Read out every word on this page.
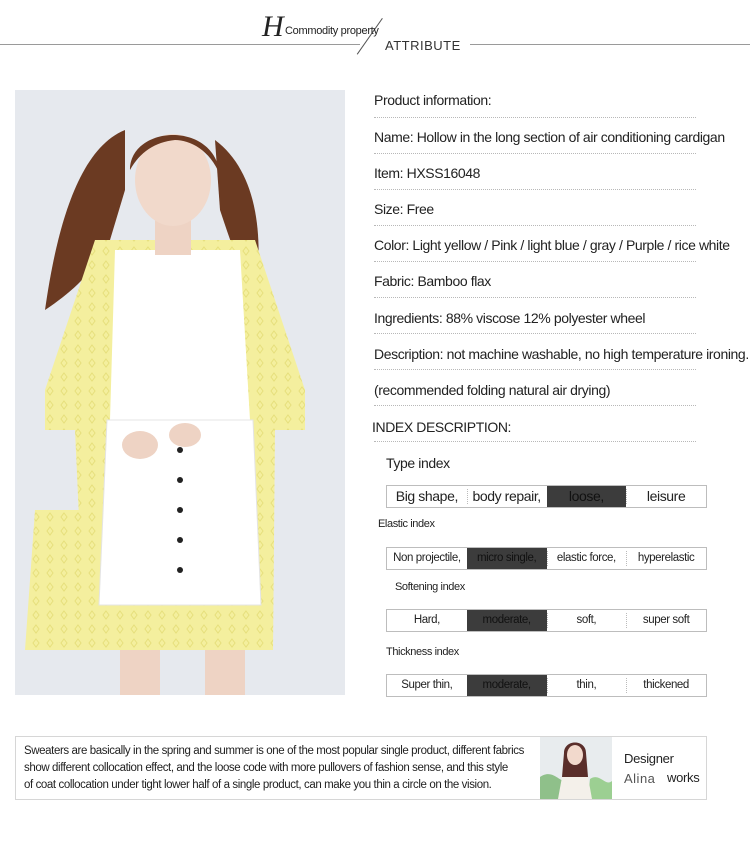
H Commodity property
ATTRIBUTE
Product information:
Name: Hollow in the long section of air conditioning cardigan
Item: HXSS16048
Size: Free
Color: Light yellow / Pink / light blue / gray / Purple / rice white
Fabric: Bamboo flax
Ingredients: 88% viscose 12% polyester wheel
Description: not machine washable, no high temperature ironing.
(recommended folding natural air drying)
INDEX DESCRIPTION:
Type index
Big shape,	body repair,	loose,	leisure
Elastic index
Non projectile,	micro single,	elastic force,	hyperelastic
Softening index
Hard,	moderate,	soft,	super soft
Thickness index
Super thin,	moderate,	thin,	thickened
Sweaters are basically in the spring and summer is one of the most popular single product, different fabrics
show different collocation effect, and the loose code with more pullovers of fashion sense, and this style
of coat collocation under tight lower half of a single product, can make you thin a circle on the vision.
Designer
Alina works
